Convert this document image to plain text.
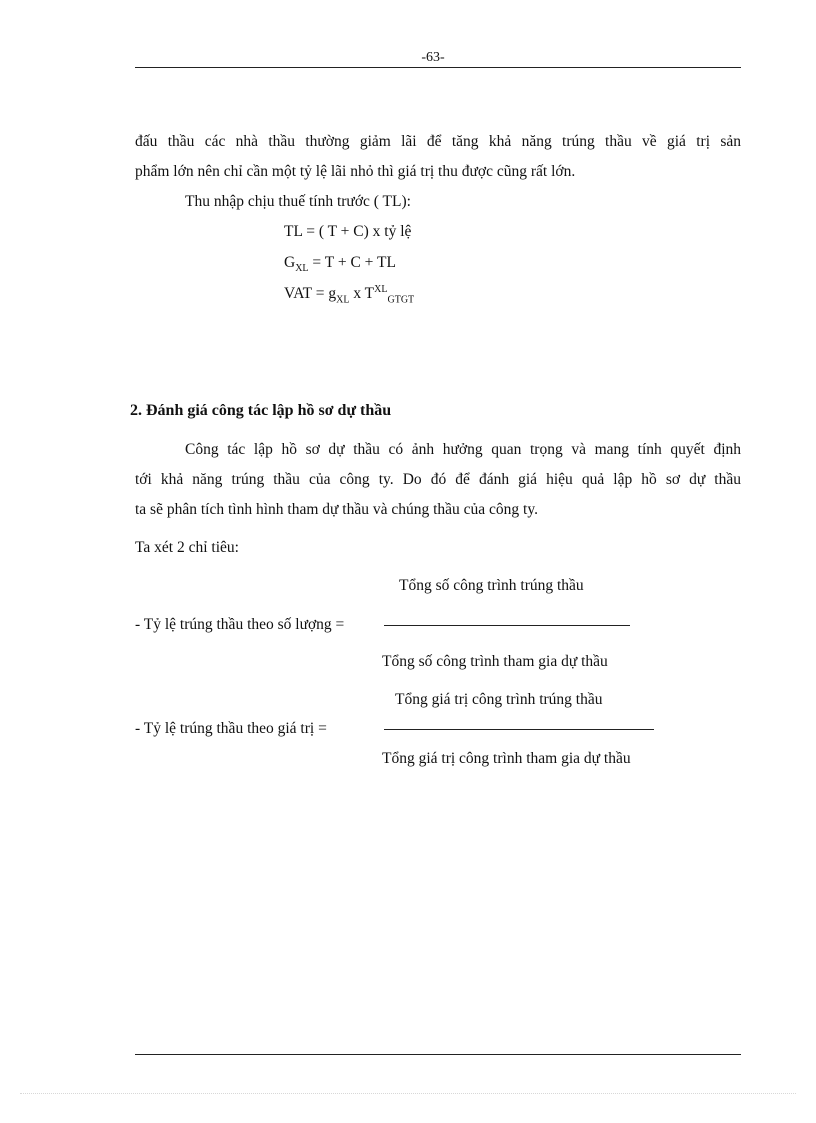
-63-
đấu thầu các nhà thầu thường giảm lãi để tăng khả năng trúng thầu về giá trị sản
phẩm lớn nên chỉ cần một tỷ lệ lãi nhỏ thì giá trị thu được cũng rất lớn.
Thu nhập chịu thuế tính trước ( TL):
TL = ( T + C) x tỷ lệ
$G_{XL} = T + C$ + TL
VAT = $g_{XL}$ x $T^{XL}_{GTGT}$
2. Đánh giá công tác lập hồ sơ dự thầu
Công tác lập hồ sơ dự thầu có ảnh hưởng quan trọng và mang tính quyết định
tới khả năng trúng thầu của công ty. Do đó để đánh giá hiệu quả lập hồ sơ dự thầu
ta sẽ phân tích tình hình tham dự thầu và chúng thầu của công ty.
Ta xét 2 chỉ tiêu:
Tổng số công trình trúng thầu
- Tỷ lệ trúng thầu theo số lượng =
Tổng số công trình tham gia dự thầu
Tổng giá trị công trình trúng thầu
- Tỷ lệ trúng thầu theo giá trị =
Tổng giá trị công trình tham gia dự thầu
